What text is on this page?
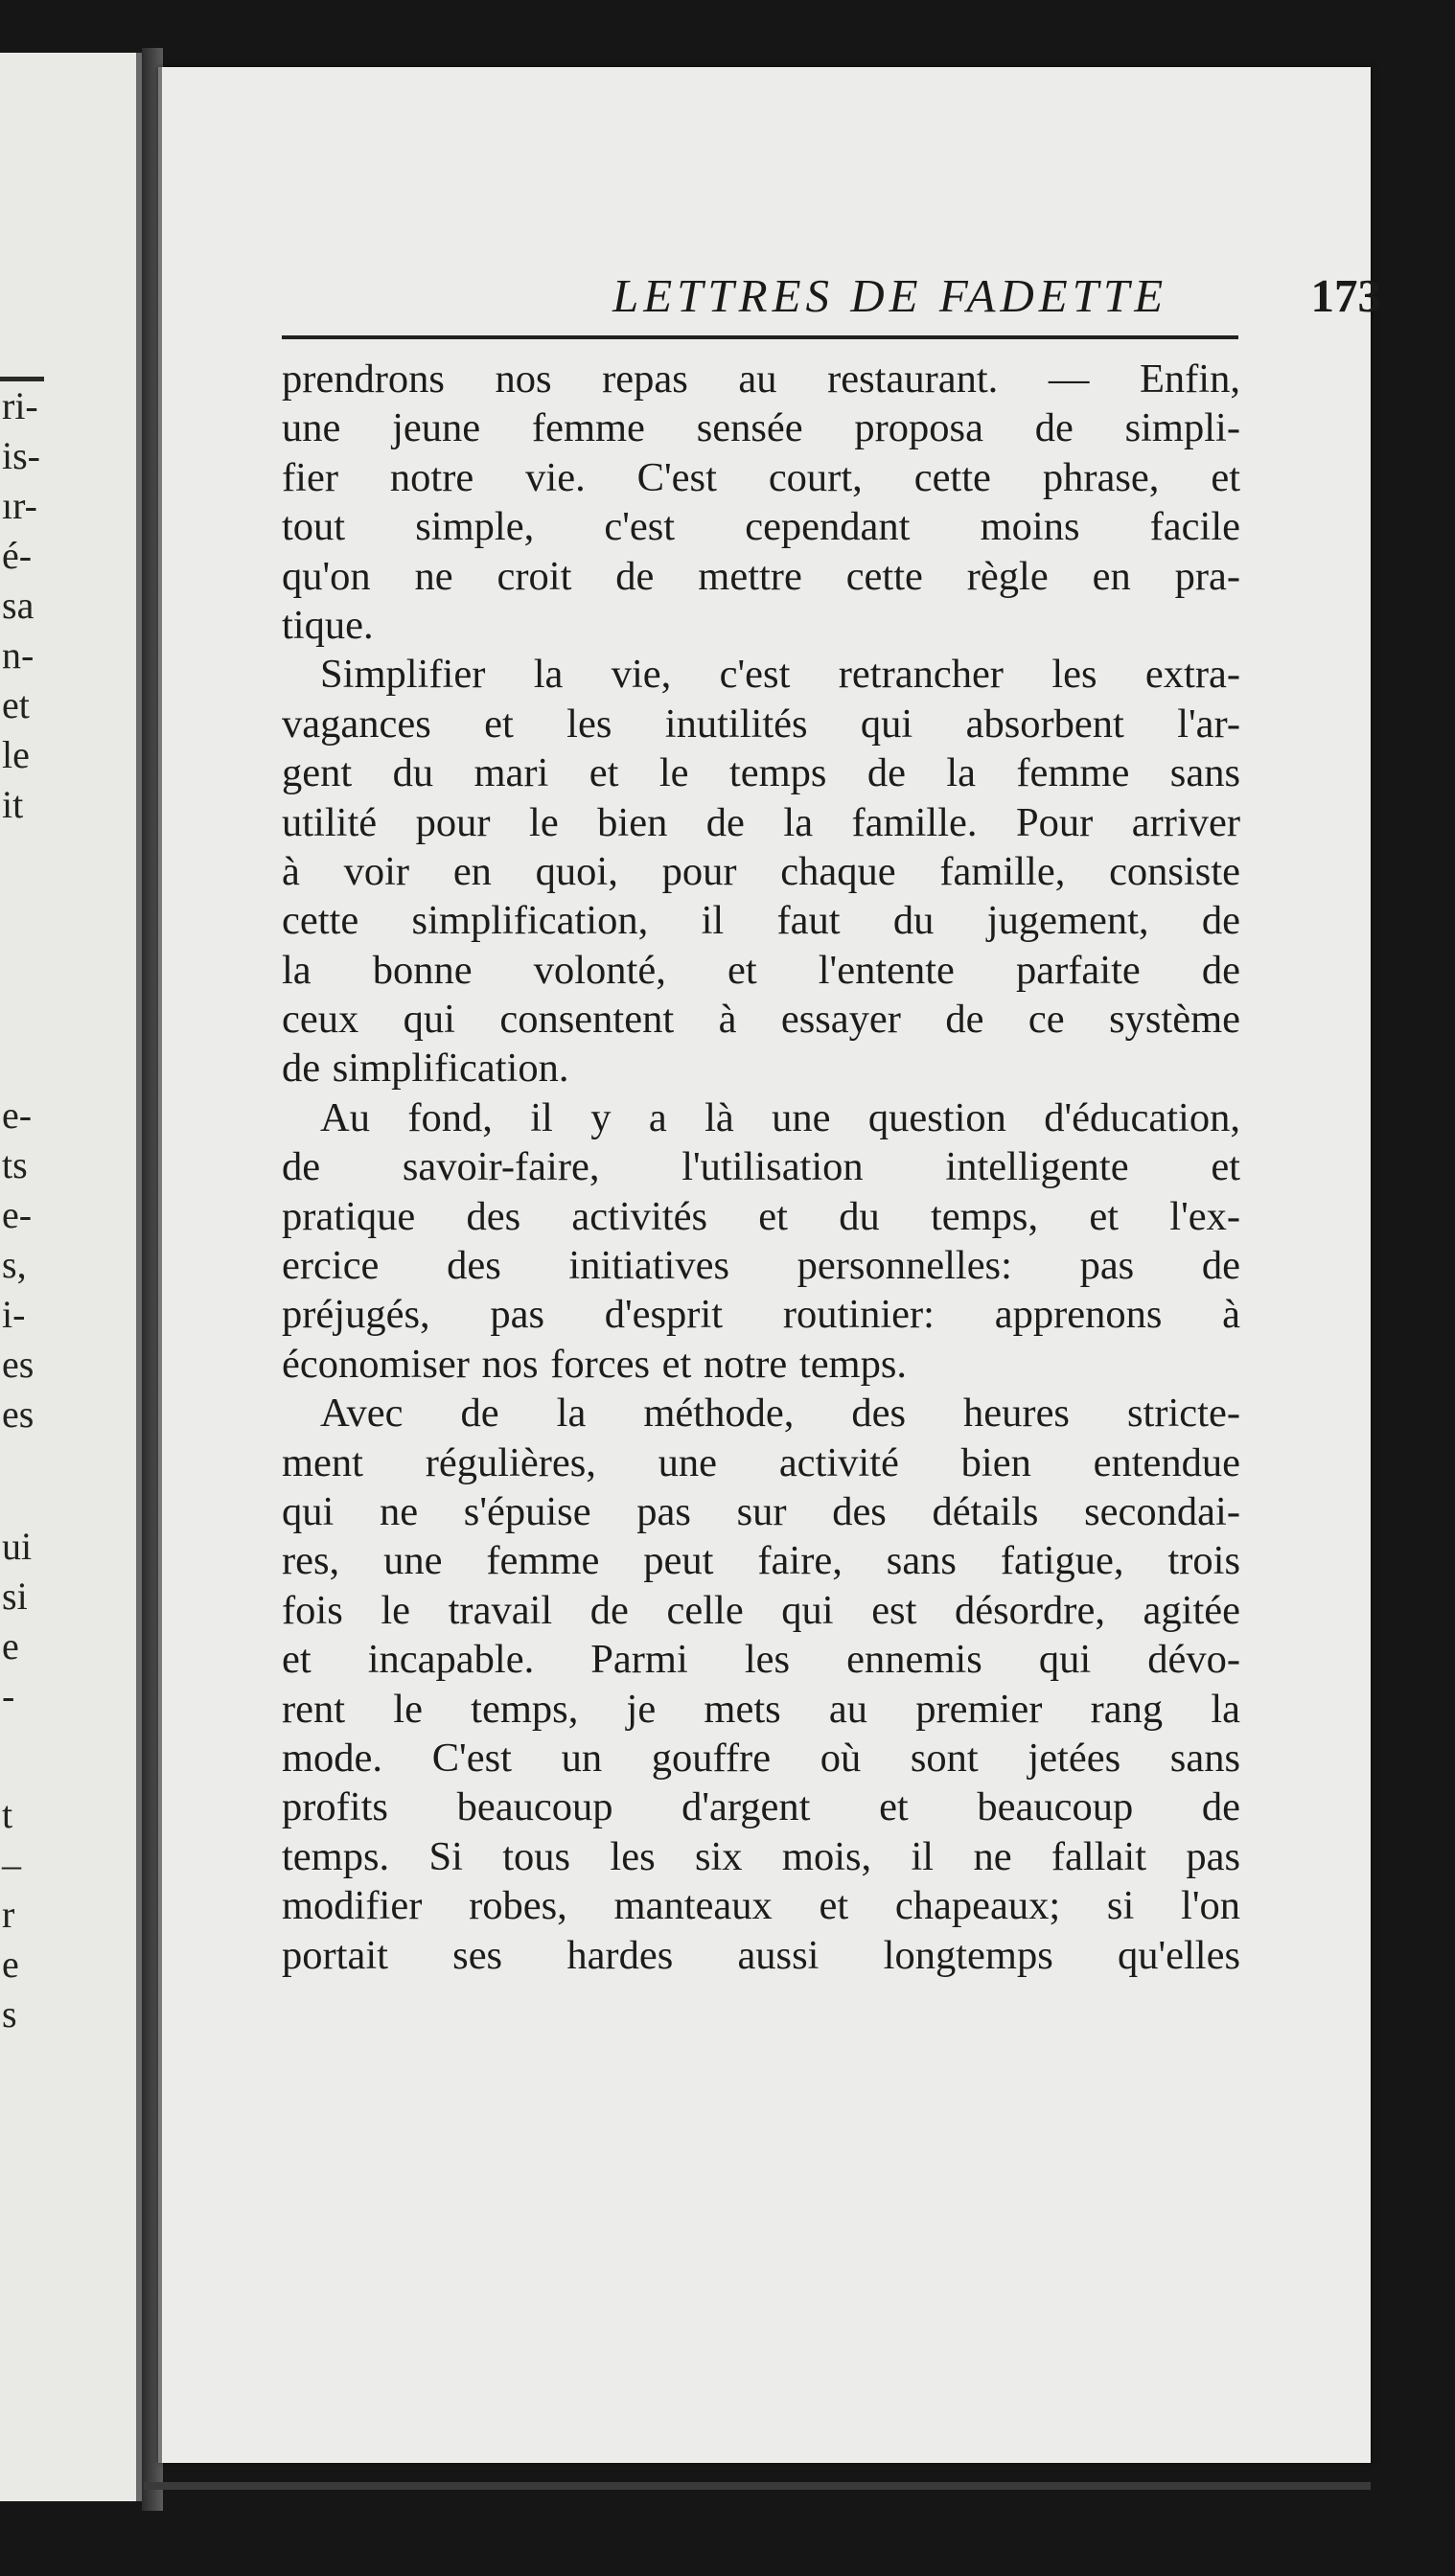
ri-
is-
ır-
é-
sa
n-
et
le
it
e-
ts
e-
s,
i-
es
es
ui
si
e
-
t
–
r
e
s
LETTRES DE FADETTE	173
prendrons nos repas au restaurant. — Enfin,
une jeune femme sensée proposa de simpli-
fier notre vie. C'est court, cette phrase, et
tout simple, c'est cependant moins facile
qu'on ne croit de mettre cette règle en pra-
tique.
Simplifier la vie, c'est retrancher les extra-
vagances et les inutilités qui absorbent l'ar-
gent du mari et le temps de la femme sans
utilité pour le bien de la famille. Pour arriver
à voir en quoi, pour chaque famille, consiste
cette simplification, il faut du jugement, de
la bonne volonté, et l'entente parfaite de
ceux qui consentent à essayer de ce système
de simplification.
Au fond, il y a là une question d'éducation,
de savoir-faire, l'utilisation intelligente et
pratique des activités et du temps, et l'ex-
ercice des initiatives personnelles: pas de
préjugés, pas d'esprit routinier: apprenons à
économiser nos forces et notre temps.
Avec de la méthode, des heures stricte-
ment régulières, une activité bien entendue
qui ne s'épuise pas sur des détails secondai-
res, une femme peut faire, sans fatigue, trois
fois le travail de celle qui est désordre, agitée
et incapable. Parmi les ennemis qui dévo-
rent le temps, je mets au premier rang la
mode. C'est un gouffre où sont jetées sans
profits beaucoup d'argent et beaucoup de
temps. Si tous les six mois, il ne fallait pas
modifier robes, manteaux et chapeaux; si l'on
portait ses hardes aussi longtemps qu'elles
